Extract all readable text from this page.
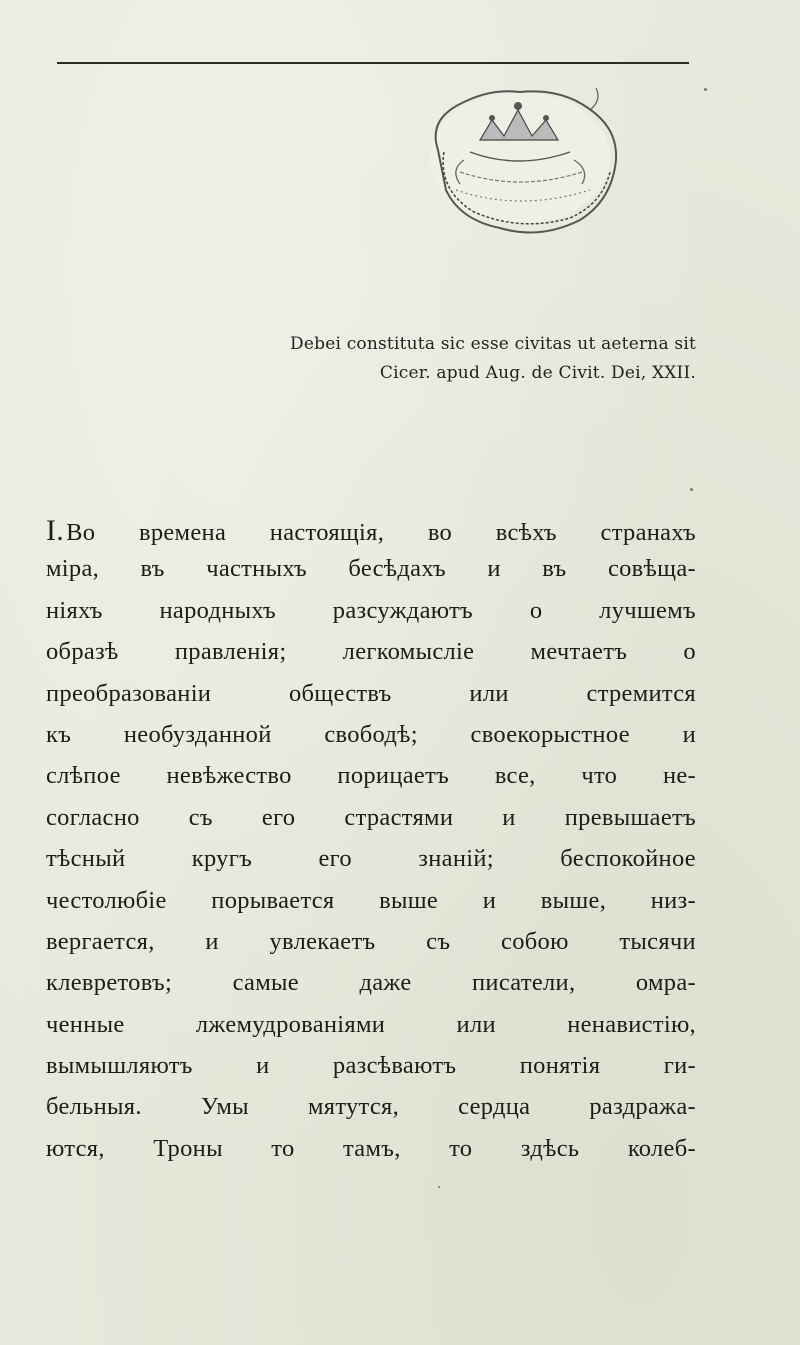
Debei constituta sic esse civitas ut aeterna sit
Cicer. apud Aug. de Civit. Dei, XXII.
I.Во времена настоящія, во всѣхъ странахъ
міра, въ частныхъ бесѣдахъ и въ совѣща-
ніяхъ народныхъ разсуждаютъ о лучшемъ
образѣ правленія; легкомысліе мечтаетъ о
преобразованіи	обществъ	или	стремится
къ необузданной свободѣ; своекорыстное и
слѣпое невѣжество порицаетъ все, что не-
согласно съ его страстями и превышаетъ
тѣсный	кругъ	его	знаній;	беспокойное
честолюбіе порывается выше и выше, низ-
вергается, и увлекаетъ съ собою тысячи
клевретовъ; самые даже писатели, омра-
ченные	лжемудрованіями	или	ненавистію,
вымышляютъ	и	разсѣваютъ	понятія	ги-
бельныя. Умы мятутся, сердца раздража-
ются, Троны то тамъ, то здѣсь колеб-
